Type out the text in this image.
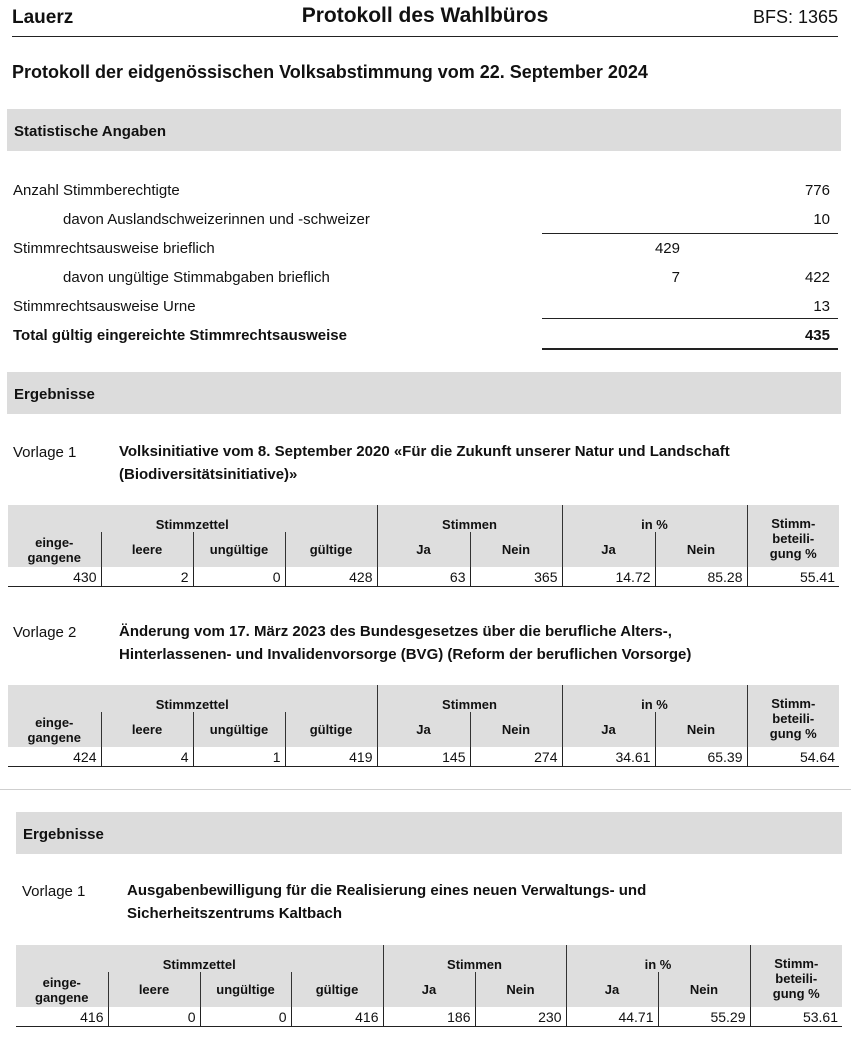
Lauerz	Protokoll des Wahlbüros	BFS: 1365
Protokoll der eidgenössischen Volksabstimmung vom 22. September 2024
Statistische Angaben
Anzahl Stimmberechtigte	776
davon Auslandschweizerinnen und -schweizer	10
Stimmrechtsausweise brieflich	429
davon ungültige Stimmabgaben brieflich	7	422
Stimmrechtsausweise Urne	13
Total gültig eingereichte Stimmrechtsausweise	435
Ergebnisse
Vorlage 1	Volksinitiative vom 8. September 2020 «Für die Zukunft unserer Natur und Landschaft
(Biodiversitätsinitiative)»
Stimmzettel				Stimmen		in %		Stimm-
beteili-
gung %

einge-
gangene	leere	ungültige	gültige	Ja	Nein	Ja	Nein	
430	2	0	428	63	365	14.72	85.28	55.41
Vorlage 2	Änderung vom 17. März 2023 des Bundesgesetzes über die berufliche Alters-,
Hinterlassenen- und Invalidenvorsorge (BVG) (Reform der beruflichen Vorsorge)
Stimmzettel				Stimmen		in %		Stimm-
beteili-
gung %

einge-
gangene	leere	ungültige	gültige	Ja	Nein	Ja	Nein	
424	4	1	419	145	274	34.61	65.39	54.64
Ergebnisse
Vorlage 1	Ausgabenbewilligung für die Realisierung eines neuen Verwaltungs- und
Sicherheitszentrums Kaltbach
Stimmzettel				Stimmen		in %		Stimm-
beteili-
gung %

einge-
gangene	leere	ungültige	gültige	Ja	Nein	Ja	Nein	
416	0	0	416	186	230	44.71	55.29	53.61
